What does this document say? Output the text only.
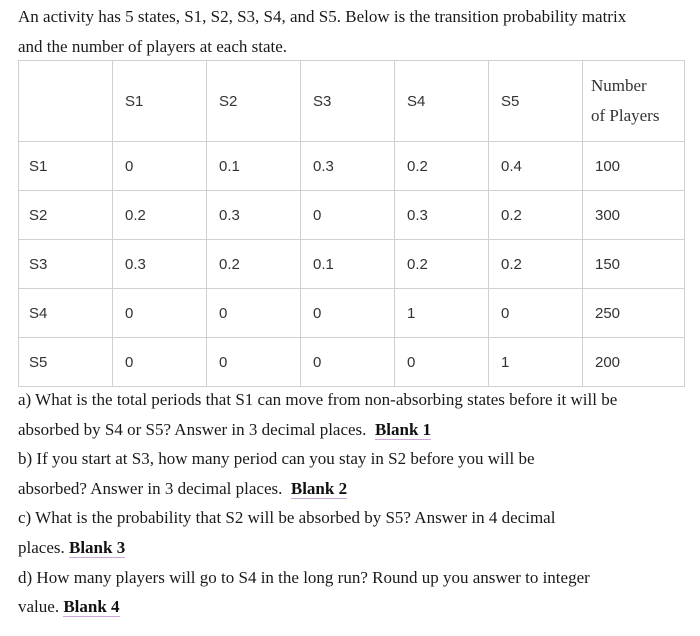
An activity has 5 states, S1, S2, S3, S4, and S5. Below is the transition probability matrix
and the number of players at each state.
	S1	S2	S3	S4	S5	Number
of Players

S1	0	0.1	0.3	0.2	0.4	100
S2	0.2	0.3	0	0.3	0.2	300
S3	0.3	0.2	0.1	0.2	0.2	150
S4	0	0	0	1	0	250
S5	0	0	0	0	1	200

a) What is the total periods that S1 can move from non-absorbing states before it will be

absorbed by S4 or S5? Answer in 3 decimal places. Blank 1

b) If you start at S3, how many period can you stay in S2 before you will be

absorbed? Answer in 3 decimal places. Blank 2

c) What is the probability that S2 will be absorbed by S5? Answer in 4 decimal

places. Blank 3

d) How many players will go to S4 in the long run? Round up you answer to integer

value. Blank 4
